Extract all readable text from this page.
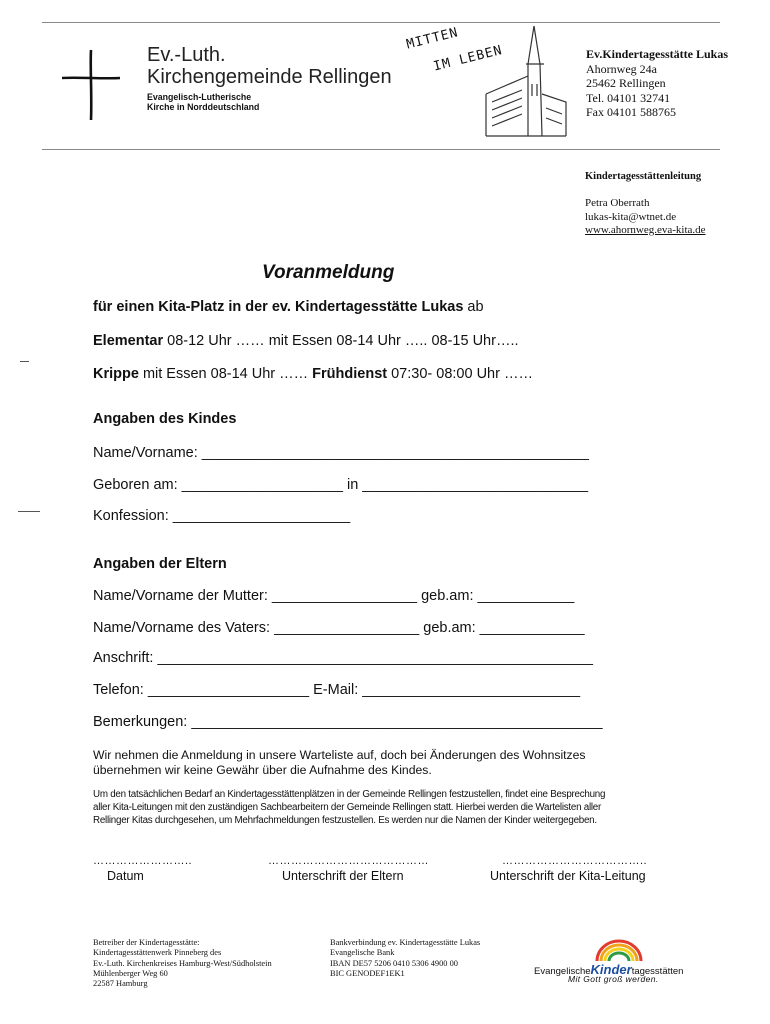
Ev.-Luth.
Kirchengemeinde Rellingen
Evangelisch-Lutherische
Kirche in Norddeutschland
MITTEN
IM LEBEN	Ev.Kindertagesstätte Lukas
Ahornweg 24a
25462 Rellingen
Tel. 04101 32741
Fax 04101 588765
Kindertagesstättenleitung
Petra Oberrath
lukas-kita@wtnet.de
www.ahornweg.eva-kita.de
Voranmeldung
für einen Kita-Platz in der ev. Kindertagesstätte Lukas ab
Elementar 08-12 Uhr …… mit Essen 08-14 Uhr ….. 08-15 Uhr…..
Krippe mit Essen 08-14 Uhr …… Frühdienst 07:30- 08:00 Uhr ……
Angaben des Kindes
Name/Vorname: ________________________________________________
Geboren am: ____________________ in ____________________________
Konfession: ______________________
Angaben der Eltern
Name/Vorname der Mutter: __________________ geb.am: ____________
Name/Vorname des Vaters: __________________ geb.am: _____________
Anschrift: ______________________________________________________
Telefon: ____________________ E-Mail: ___________________________
Bemerkungen: ___________________________________________________
Wir nehmen die Anmeldung in unsere Warteliste auf, doch bei Änderungen des Wohnsitzes
übernehmen wir keine Gewähr über die Aufnahme des Kindes.
Um den tatsächlichen Bedarf an Kindertagesstättenplätzen in der Gemeinde Rellingen festzustellen, findet eine Besprechung
aller Kita-Leitungen mit den zuständigen Sachbearbeitern der Gemeinde Rellingen statt. Hierbei werden die Wartelisten aller
Rellinger Kitas durchgesehen, um Mehrfachmeldungen festzustellen. Es werden nur die Namen der Kinder weitergegeben.
……………………..
Datum
……………………………………
Unterschrift der Eltern
………………………………..
Unterschrift der Kita-Leitung
Betreiber der Kindertagesstätte:
Kindertagesstättenwerk Pinneberg des
Ev.-Luth. Kirchenkreises Hamburg-West/Südholstein
Mühlenberger Weg 60
22587 Hamburg
Bankverbindung ev. Kindertagesstätte Lukas
Evangelische Bank
IBAN DE57 5206 0410 5306 4900 00
BIC GENODEF1EK1	EvangelischeKindertagesstätten
Mit Gott groß werden.
